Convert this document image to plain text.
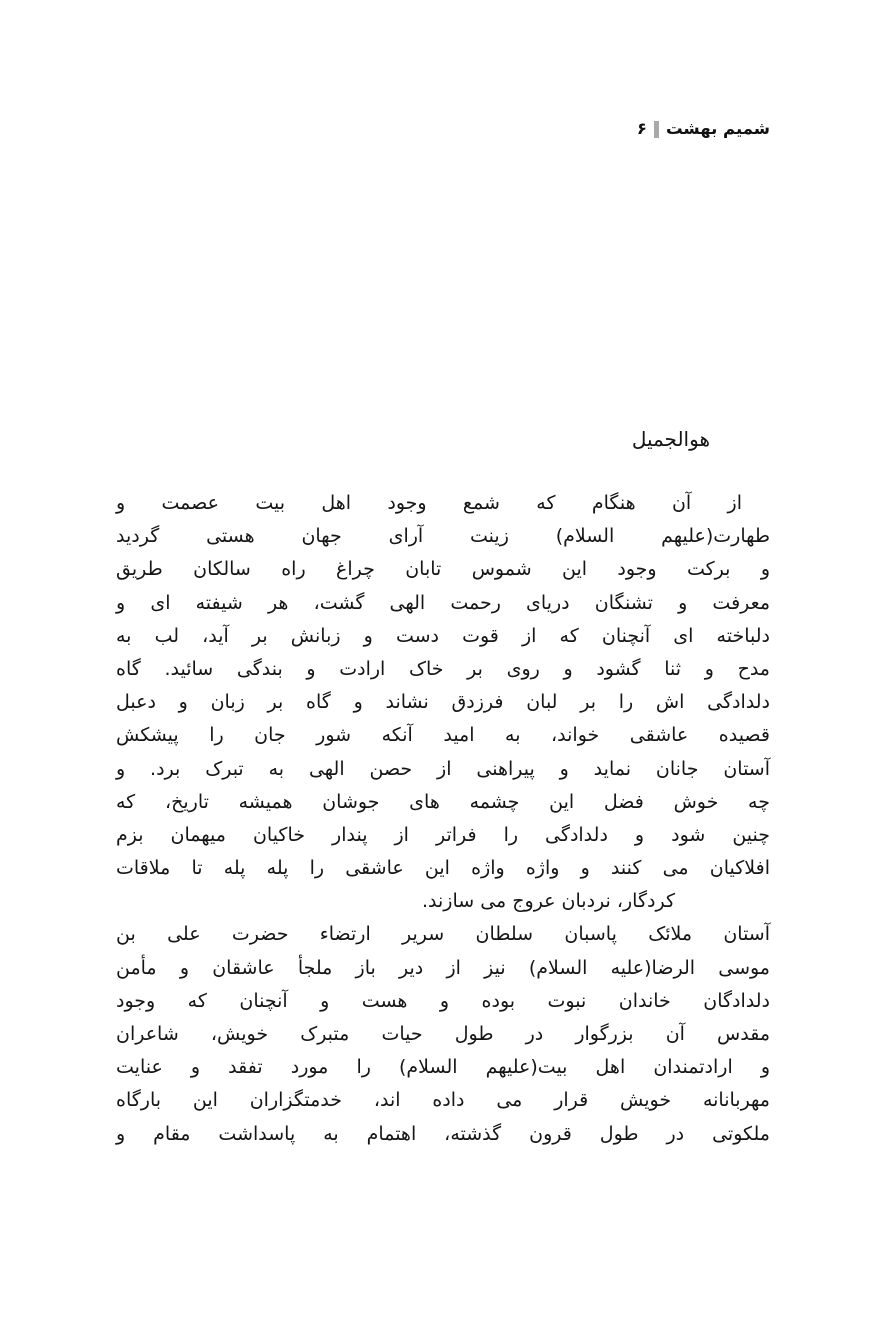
شمیم بهشت
۶
هوالجمیل
از آن هنگام که شمع وجود اهل بیت عصمت و
طهارت(علیهم السلام) زینت آرای جهان هستی گردید
و برکت وجود این شموس تابان چراغ راه سالکان طریق
معرفت و تشنگان دریای رحمت الهی گشت، هر شیفته ای و
دلباخته ای آنچنان که از قوت دست و زبانش بر آید، لب به
مدح و ثنا گشود و روی بر خاک ارادت و بندگی سائید. گاه
دلدادگی اش را بر لبان فرزدق نشاند و گاه بر زبان و دعبل
قصیده عاشقی خواند، به امید آنکه شور جان را پیشکش
آستان جانان نماید و پیراهنی از حصن الهی به تبرک برد. و
چه خوش فضل این چشمه های جوشان همیشه تاریخ، که
چنین شود و دلدادگی را فراتر از پندار خاکیان میهمان بزم
افلاکیان می کنند و واژه واژه این عاشقی را پله پله تا ملاقات
کردگار، نردبان عروج می سازند.
آستان ملائک پاسبان سلطان سریر ارتضاء حضرت علی بن
موسی الرضا(علیه السلام) نیز از دیر باز ملجأ عاشقان و مأمن
دلدادگان خاندان نبوت بوده و هست و آنچنان که وجود
مقدس آن بزرگوار در طول حیات متبرک خویش، شاعران
و ارادتمندان اهل بیت(علیهم السلام) را مورد تفقد و عنایت
مهربانانه خویش قرار می داده اند، خدمتگزاران این بارگاه
ملکوتی در طول قرون گذشته، اهتمام به پاسداشت مقام و
